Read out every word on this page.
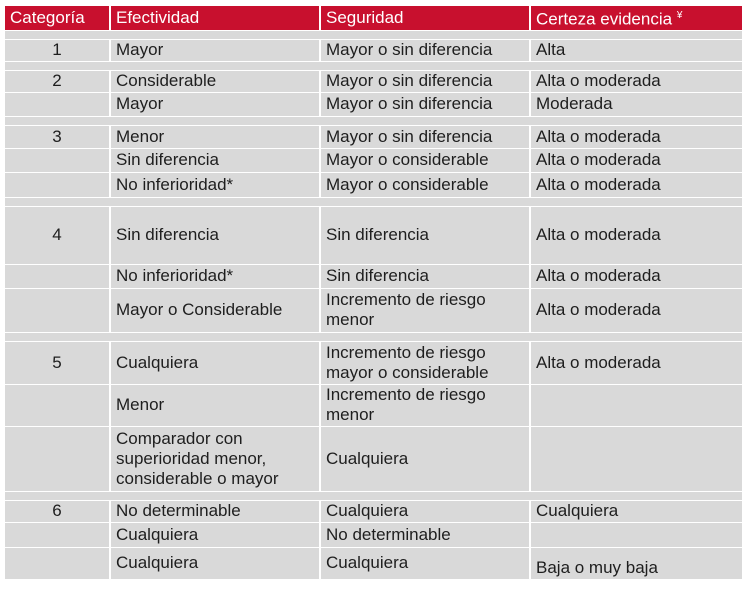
Categoría	Efectividad	Seguridad	Certeza evidencia ¥

1	Mayor	Mayor o sin diferencia	Alta

2	Considerable	Mayor o sin diferencia	Alta o moderada
	Mayor	Mayor o sin diferencia	Moderada

3	Menor	Mayor o sin diferencia	Alta o moderada
	Sin diferencia	Mayor o considerable	Alta o moderada
	No inferioridad*	Mayor o considerable	Alta o moderada

4	Sin diferencia	Sin diferencia	Alta o moderada
	No inferioridad*	Sin diferencia	Alta o moderada
	Mayor o Considerable	Incremento de riesgo menor	Alta o moderada

5	Cualquiera	Incremento de riesgo mayor o considerable	Alta o moderada
	Menor	Incremento de riesgo menor	
	Comparador con superioridad menor, considerable o mayor	Cualquiera	

6	No determinable	Cualquiera	Cualquiera
	Cualquiera	No determinable	
	Cualquiera	Cualquiera	Baja o muy baja
